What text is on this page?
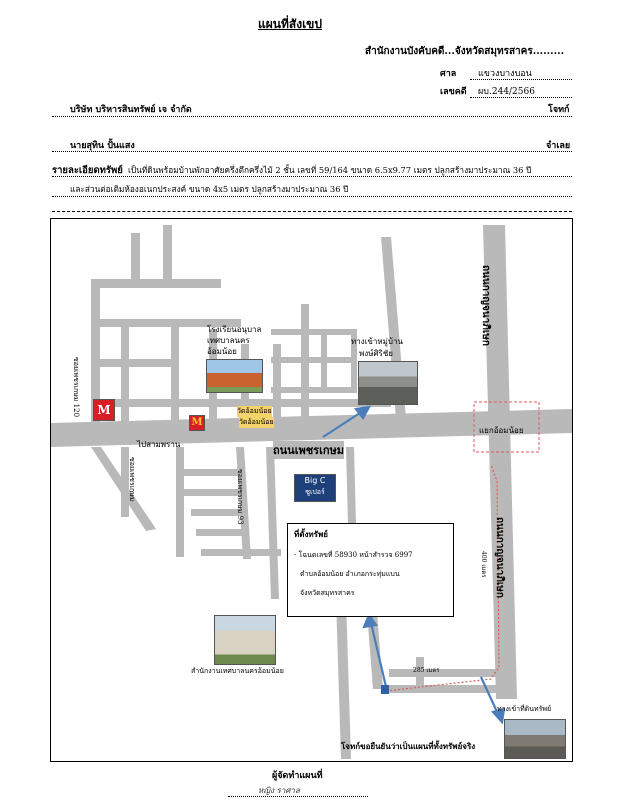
แผนที่สังเขป
สำนักงานบังคับคดี...จังหวัดสมุทรสาคร.........
ศาล แขวงบางบอน
เลขคดี ผบ.244/2566
บริษัท บริหารสินทรัพย์ เจ จำกัด	โจทก์
นายสุทิน ปั้นแสง	จำเลย
รายละเอียดทรัพย์ เป็นที่ดินพร้อมบ้านพักอาศัยครึ่งตึกครึ่งไม้ 2 ชั้น เลขที่ 59/164 ขนาด 6.5x9.77 เมตร ปลูกสร้างมาประมาณ 36 ปี
และส่วนต่อเติมห้องอเนกประสงค์ ขนาด 4x5 เมตร ปลูกสร้างมาประมาณ 36 ปี
ถนนเพชรเกษม
ไปสามพราน
แยกอ้อมน้อย
ถนนกาญจนาภิเษก
ถนนกาญจนาภิเษก
ซอยเพชรเกษม 120
ซอยเพชรเกษม	ซอยเพชรเกษม 93
โรงเรียนอนุบาล
เทศบาลนคร
อ้อมน้อย
วัดอ้อมน้อย
วัดอ้อมน้อย
M
M
Big C
ซูเปอร์
ทางเข้าหมู่บ้าน
พงษ์ศิริชัย
ที่ตั้งทรัพย์
- โฉนดเลขที่ 58930 หน้าสำรวจ 6997
ตำบลอ้อมน้อย อำเภอกระทุ่มแบน
จังหวัดสมุทรสาคร
สำนักงานเทศบาลนครอ้อมน้อย	285 เมตร
400 เมตร
ทางเข้าที่ดินทรัพย์
โจทก์ขอยืนยันว่าเป็นแผนที่ทั้งทรัพย์จริง
ผู้จัดทำแผนที่
หญิง ราศาล
